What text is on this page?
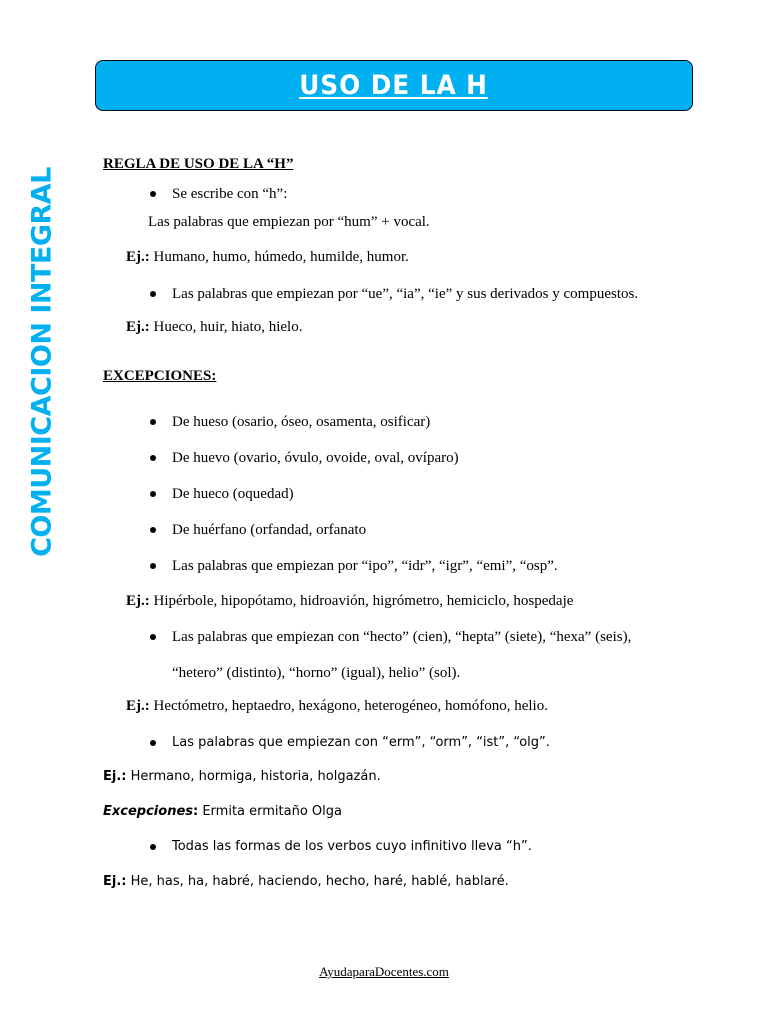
USO DE LA H
COMUNICACION INTEGRAL
REGLA DE USO DE LA “H”
Se escribe con “h”:
Las palabras que empiezan por “hum” + vocal.
Ej.: Humano, humo, húmedo, humilde, humor.
Las palabras que empiezan por “ue”, “ia”, “ie” y sus derivados y compuestos.
Ej.: Hueco, huir, hiato, hielo.
EXCEPCIONES:
De hueso (osario, óseo, osamenta, osificar)
De huevo (ovario, óvulo, ovoide, oval, ovíparo)
De hueco (oquedad)
De huérfano (orfandad, orfanato
Las palabras que empiezan por “ipo”, “idr”, “igr”, “emi”, “osp”.
Ej.: Hipérbole, hipopótamo, hidroavión, higrómetro, hemiciclo, hospedaje
Las palabras que empiezan con “hecto” (cien), “hepta” (siete), “hexa” (seis),
“hetero” (distinto), “horno” (igual), helio” (sol).
Ej.: Hectómetro, heptaedro, hexágono, heterogéneo, homófono, helio.
Las palabras que empiezan con “erm”, “orm”, “ist”, “olg”.
Ej.: Hermano, hormiga, historia, holgazán.
Excepciones: Ermita ermitaño Olga
Todas las formas de los verbos cuyo infinitivo lleva “h”.
Ej.: He, has, ha, habré, haciendo, hecho, haré, hablé, hablaré.
AyudaparaDocentes.com
